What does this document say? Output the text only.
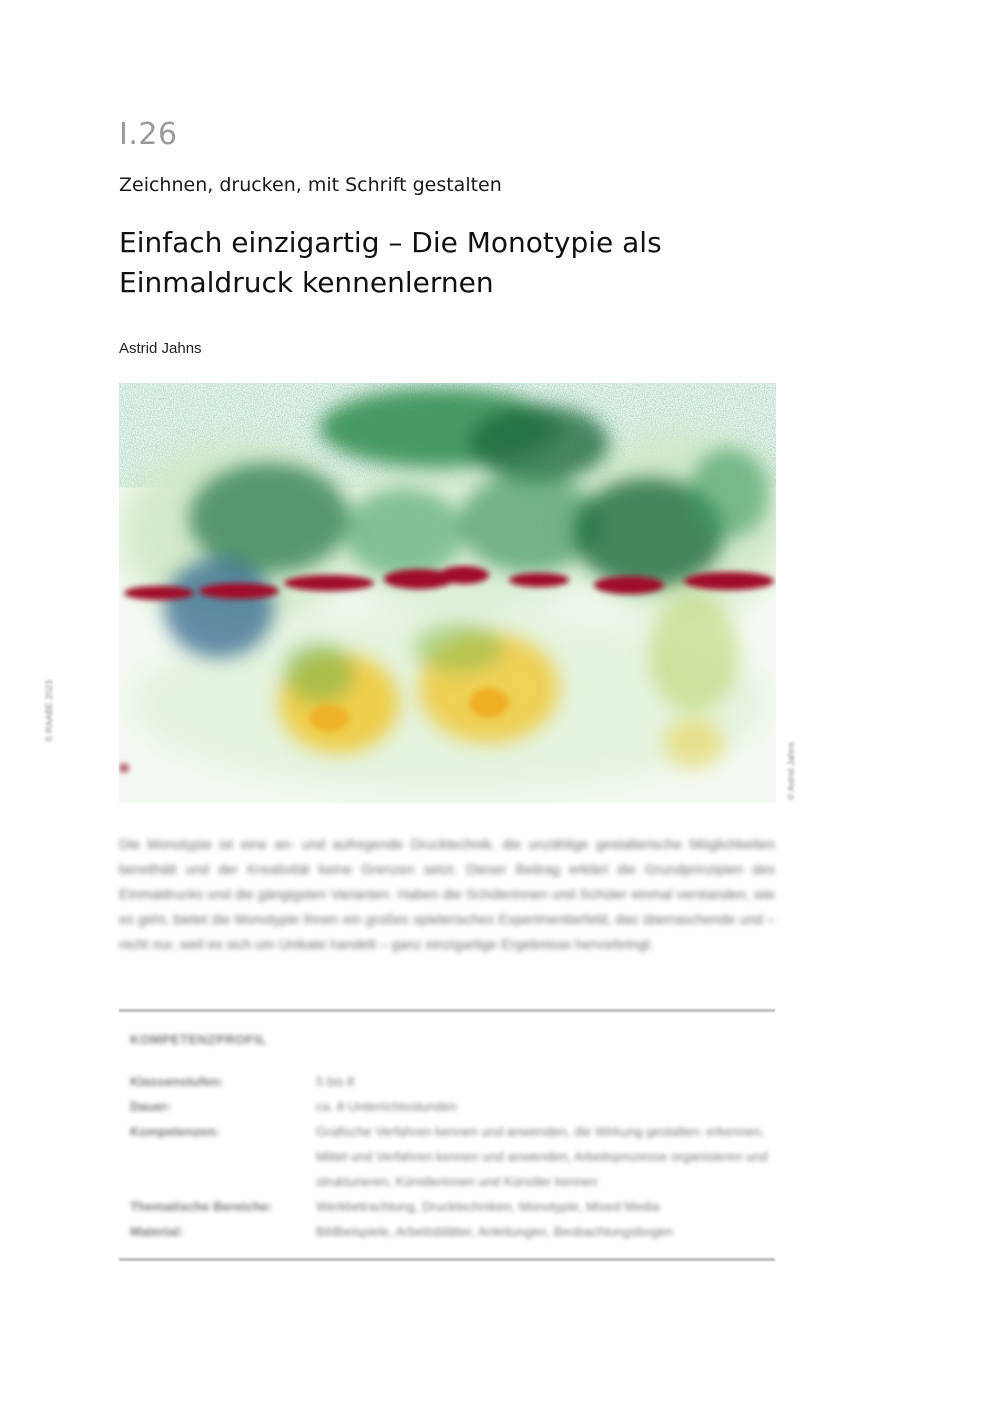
I.26
Zeichnen, drucken, mit Schrift gestalten
Einfach einzigartig – Die Monotypie als
Einmaldruck kennenlernen
Astrid Jahns
© RAABE 2023
© Astrid Jahns

Die Monotypie ist eine an- und aufregende Drucktechnik, die unzählige gestalterische Möglichkeiten bereithält und der Kreativität keine Grenzen setzt. Dieser Beitrag erklärt die Grundprinzipien des Einmaldrucks und die gängigsten Varianten. Haben die Schülerinnen und Schüler einmal verstanden, wie es geht, bietet die Monotypie Ihnen ein großes spielerisches Experimentierfeld, das überraschende und – nicht nur, weil es sich um Unikate handelt – ganz einzigartige Ergebnisse hervorbringt.

KOMPETENZPROFIL
Klassenstufen:	5 bis 8
Dauer:	ca. 8 Unterrichtsstunden
Kompetenzen:	Grafische Verfahren kennen und anwenden, die Wirkung gestalten: erkennen, Mittel und Verfahren kennen und anwenden, Arbeitsprozesse organisieren und strukturieren, Künstlerinnen und Künstler kennen
Thematische Bereiche:	Werkbetrachtung, Drucktechniken, Monotypie, Mixed Media
Material:	Bildbeispiele, Arbeitsblätter, Anleitungen, Beobachtungsbogen
